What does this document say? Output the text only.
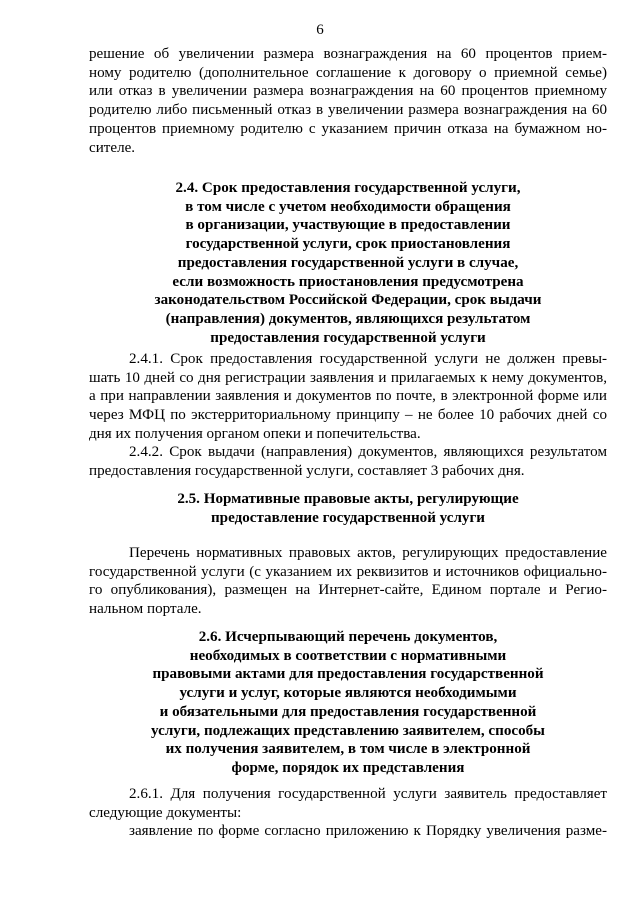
6
решение об увеличении размера вознаграждения на 60 процентов прием-
ному родителю (дополнительное соглашение к договору о приемной семье)
или отказ в увеличении размера вознаграждения на 60 процентов приемному
родителю либо письменный отказ в увеличении размера вознаграждения на 60
процентов приемному родителю с указанием причин отказа на бумажном но-
сителе.
2.4. Срок предоставления государственной услуги,
в том числе с учетом необходимости обращения
в организации, участвующие в предоставлении
государственной услуги, срок приостановления
предоставления государственной услуги в случае,
если возможность приостановления предусмотрена
законодательством Российской Федерации, срок выдачи
(направления) документов, являющихся результатом
предоставления государственной услуги
2.4.1. Срок предоставления государственной услуги не должен превы-
шать 10 дней со дня регистрации заявления и прилагаемых к нему документов,
а при направлении заявления и документов по почте, в электронной форме или
через МФЦ по экстерриториальному принципу – не более 10 рабочих дней со
дня их получения органом опеки и попечительства.
2.4.2. Срок выдачи (направления) документов, являющихся результатом
предоставления государственной услуги, составляет 3 рабочих дня.
2.5. Нормативные правовые акты, регулирующие
предоставление государственной услуги
Перечень нормативных правовых актов, регулирующих предоставление
государственной услуги (с указанием их реквизитов и источников официально-
го опубликования), размещен на Интернет-сайте, Едином портале и Регио-
нальном портале.
2.6. Исчерпывающий перечень документов,
необходимых в соответствии с нормативными
правовыми актами для предоставления государственной
услуги и услуг, которые являются необходимыми
и обязательными для предоставления государственной
услуги, подлежащих представлению заявителем, способы
их получения заявителем, в том числе в электронной
форме, порядок их представления
2.6.1. Для получения государственной услуги заявитель предоставляет
следующие документы:
заявление по форме согласно приложению к Порядку увеличения разме-
